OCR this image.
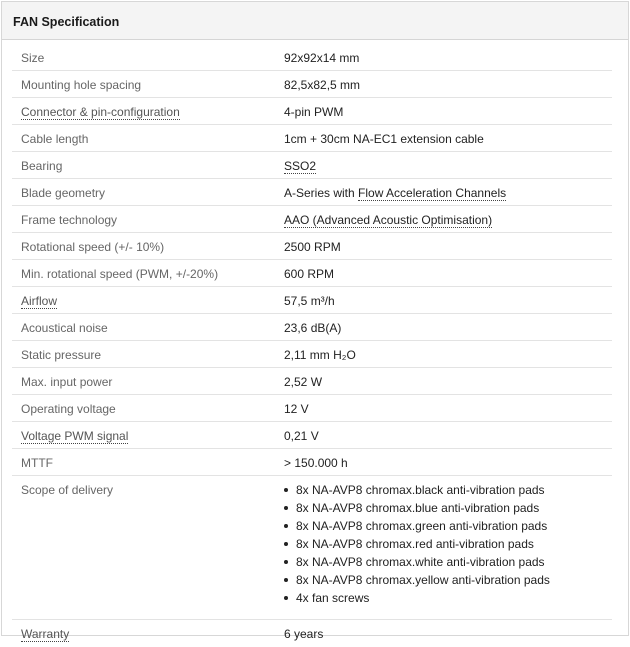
FAN Specification
Size	92x92x14 mm
Mounting hole spacing	82,5x82,5 mm
Connector & pin-configuration	4-pin PWM
Cable length	1cm + 30cm NA-EC1 extension cable
Bearing	SSO2
Blade geometry	A-Series with Flow Acceleration Channels
Frame technology	AAO (Advanced Acoustic Optimisation)
Rotational speed (+/- 10%)	2500 RPM
Min. rotational speed (PWM, +/-20%)	600 RPM
Airflow	57,5 m³/h
Acoustical noise	23,6 dB(A)
Static pressure	2,11 mm H₂O
Max. input power	2,52 W
Operating voltage	12 V
Voltage PWM signal	0,21 V
MTTF	> 150.000 h
Scope of delivery	8x NA-AVP8 chromax.black anti-vibration pads
8x NA-AVP8 chromax.blue anti-vibration pads
8x NA-AVP8 chromax.green anti-vibration pads
8x NA-AVP8 chromax.red anti-vibration pads
8x NA-AVP8 chromax.white anti-vibration pads
8x NA-AVP8 chromax.yellow anti-vibration pads
4x fan screws
Warranty	6 years
